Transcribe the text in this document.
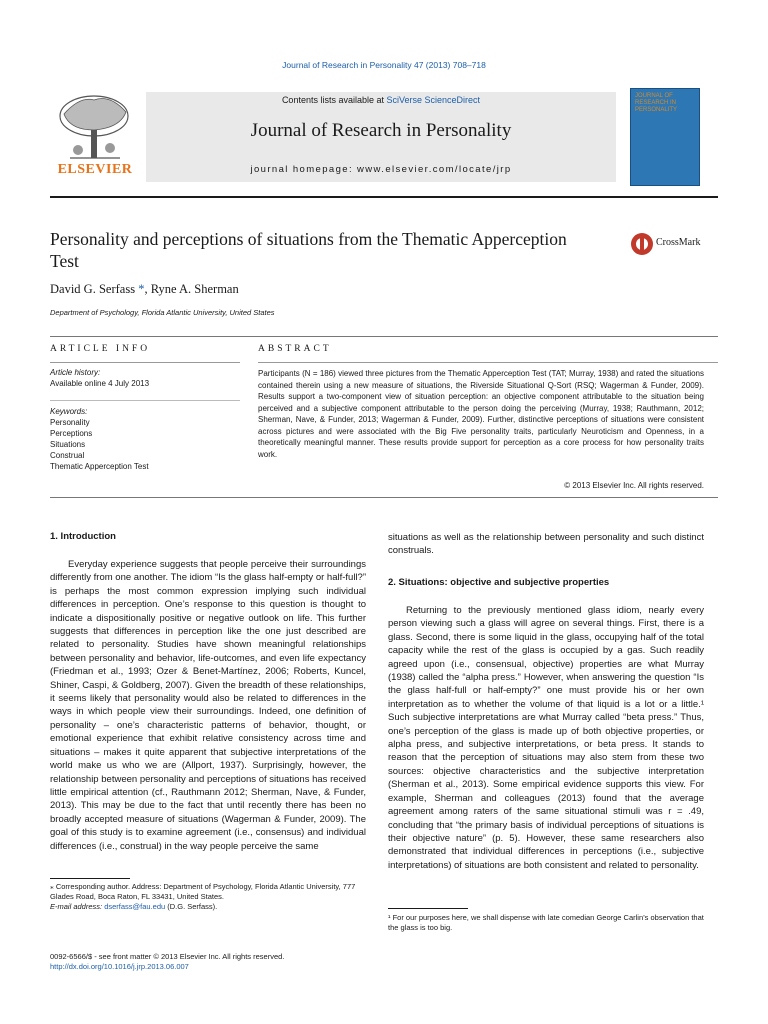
Journal of Research in Personality 47 (2013) 708–718
ELSEVIER
Contents lists available at SciVerse ScienceDirect
Journal of Research in Personality
journal homepage: www.elsevier.com/locate/jrp
JOURNAL OF RESEARCH IN PERSONALITY
Personality and perceptions of situations from the Thematic Apperception Test
CrossMark
David G. Serfass *, Ryne A. Sherman
Department of Psychology, Florida Atlantic University, United States
ARTICLE INFO	ABSTRACT
Article history:
Available online 4 July 2013
Keywords:
Personality
Perceptions
Situations
Construal
Thematic Apperception Test
Participants (N = 186) viewed three pictures from the Thematic Apperception Test (TAT; Murray, 1938) and rated the situations contained therein using a new measure of situations, the Riverside Situational Q-Sort (RSQ; Wagerman & Funder, 2009). Results support a two-component view of situation perception: an objective component attributable to the situation being perceived and a subjective component attributable to the person doing the perceiving (Murray, 1938; Rauthmann, 2012; Sherman, Nave, & Funder, 2013; Wagerman & Funder, 2009). Further, distinctive perceptions of situations were consistent across pictures and were associated with the Big Five personality traits, particularly Neuroticism and Openness, in a theoretically meaningful manner. These results provide support for perception as a core process for how personality traits work.
© 2013 Elsevier Inc. All rights reserved.
1. Introduction
Everyday experience suggests that people perceive their surroundings differently from one another. The idiom “Is the glass half-empty or half-full?” is perhaps the most common expression implying such individual differences in perception. One’s response to this question is thought to indicate a dispositionally positive or negative outlook on life. This further suggests that differences in perception like the one just described are related to personality. Studies have shown meaningful relationships between personality and behavior, life-outcomes, and even life expectancy (Friedman et al., 1993; Ozer & Benet-Martínez, 2006; Roberts, Kuncel, Shiner, Caspi, & Goldberg, 2007). Given the breadth of these relationships, it seems likely that personality would also be related to differences in the ways in which people view their surroundings. Indeed, one definition of personality – one’s characteristic patterns of behavior, thought, or emotional experience that exhibit relative consistency across time and situations – makes it quite apparent that subjective interpretations of the world make us who we are (Allport, 1937). Surprisingly, however, the relationship between personality and perceptions of situations has received little empirical attention (cf., Rauthmann 2012; Sherman, Nave, & Funder, 2013). This may be due to the fact that until recently there has been no broadly accepted measure of situations (Wagerman & Funder, 2009). The goal of this study is to examine agreement (i.e., consensus) and individual differences (i.e., construal) in the way people perceive the same
situations as well as the relationship between personality and such distinct construals.
2. Situations: objective and subjective properties
Returning to the previously mentioned glass idiom, nearly every person viewing such a glass will agree on several things. First, there is a glass. Second, there is some liquid in the glass, occupying half of the total capacity while the rest of the glass is occupied by a gas. Such readily agreed upon (i.e., consensual, objective) properties are what Murray (1938) called the “alpha press.” However, when answering the question “Is the glass half-full or half-empty?” one must provide his or her own interpretation as to whether the volume of that liquid is a lot or a little.¹ Such subjective interpretations are what Murray called “beta press.” Thus, one’s perception of the glass is made up of both objective properties, or alpha press, and subjective interpretations, or beta press. It stands to reason that the perception of situations may also stem from these two sources: objective characteristics and the subjective interpretation (Sherman et al., 2013). Some empirical evidence supports this view. For example, Sherman and colleagues (2013) found that the average agreement among raters of the same situational stimuli was r = .49, concluding that “the primary basis of individual perceptions of situations is their objective nature” (p. 5). However, these same researchers also demonstrated that individual differences in perceptions (i.e., subjective interpretations) of situations are both consistent and related to personality.
⁎ Corresponding author. Address: Department of Psychology, Florida Atlantic University, 777 Glades Road, Boca Raton, FL 33431, United States.
E-mail address: dserfass@fau.edu (D.G. Serfass).
¹ For our purposes here, we shall dispense with late comedian George Carlin’s observation that the glass is too big.
0092-6566/$ - see front matter © 2013 Elsevier Inc. All rights reserved.
http://dx.doi.org/10.1016/j.jrp.2013.06.007
